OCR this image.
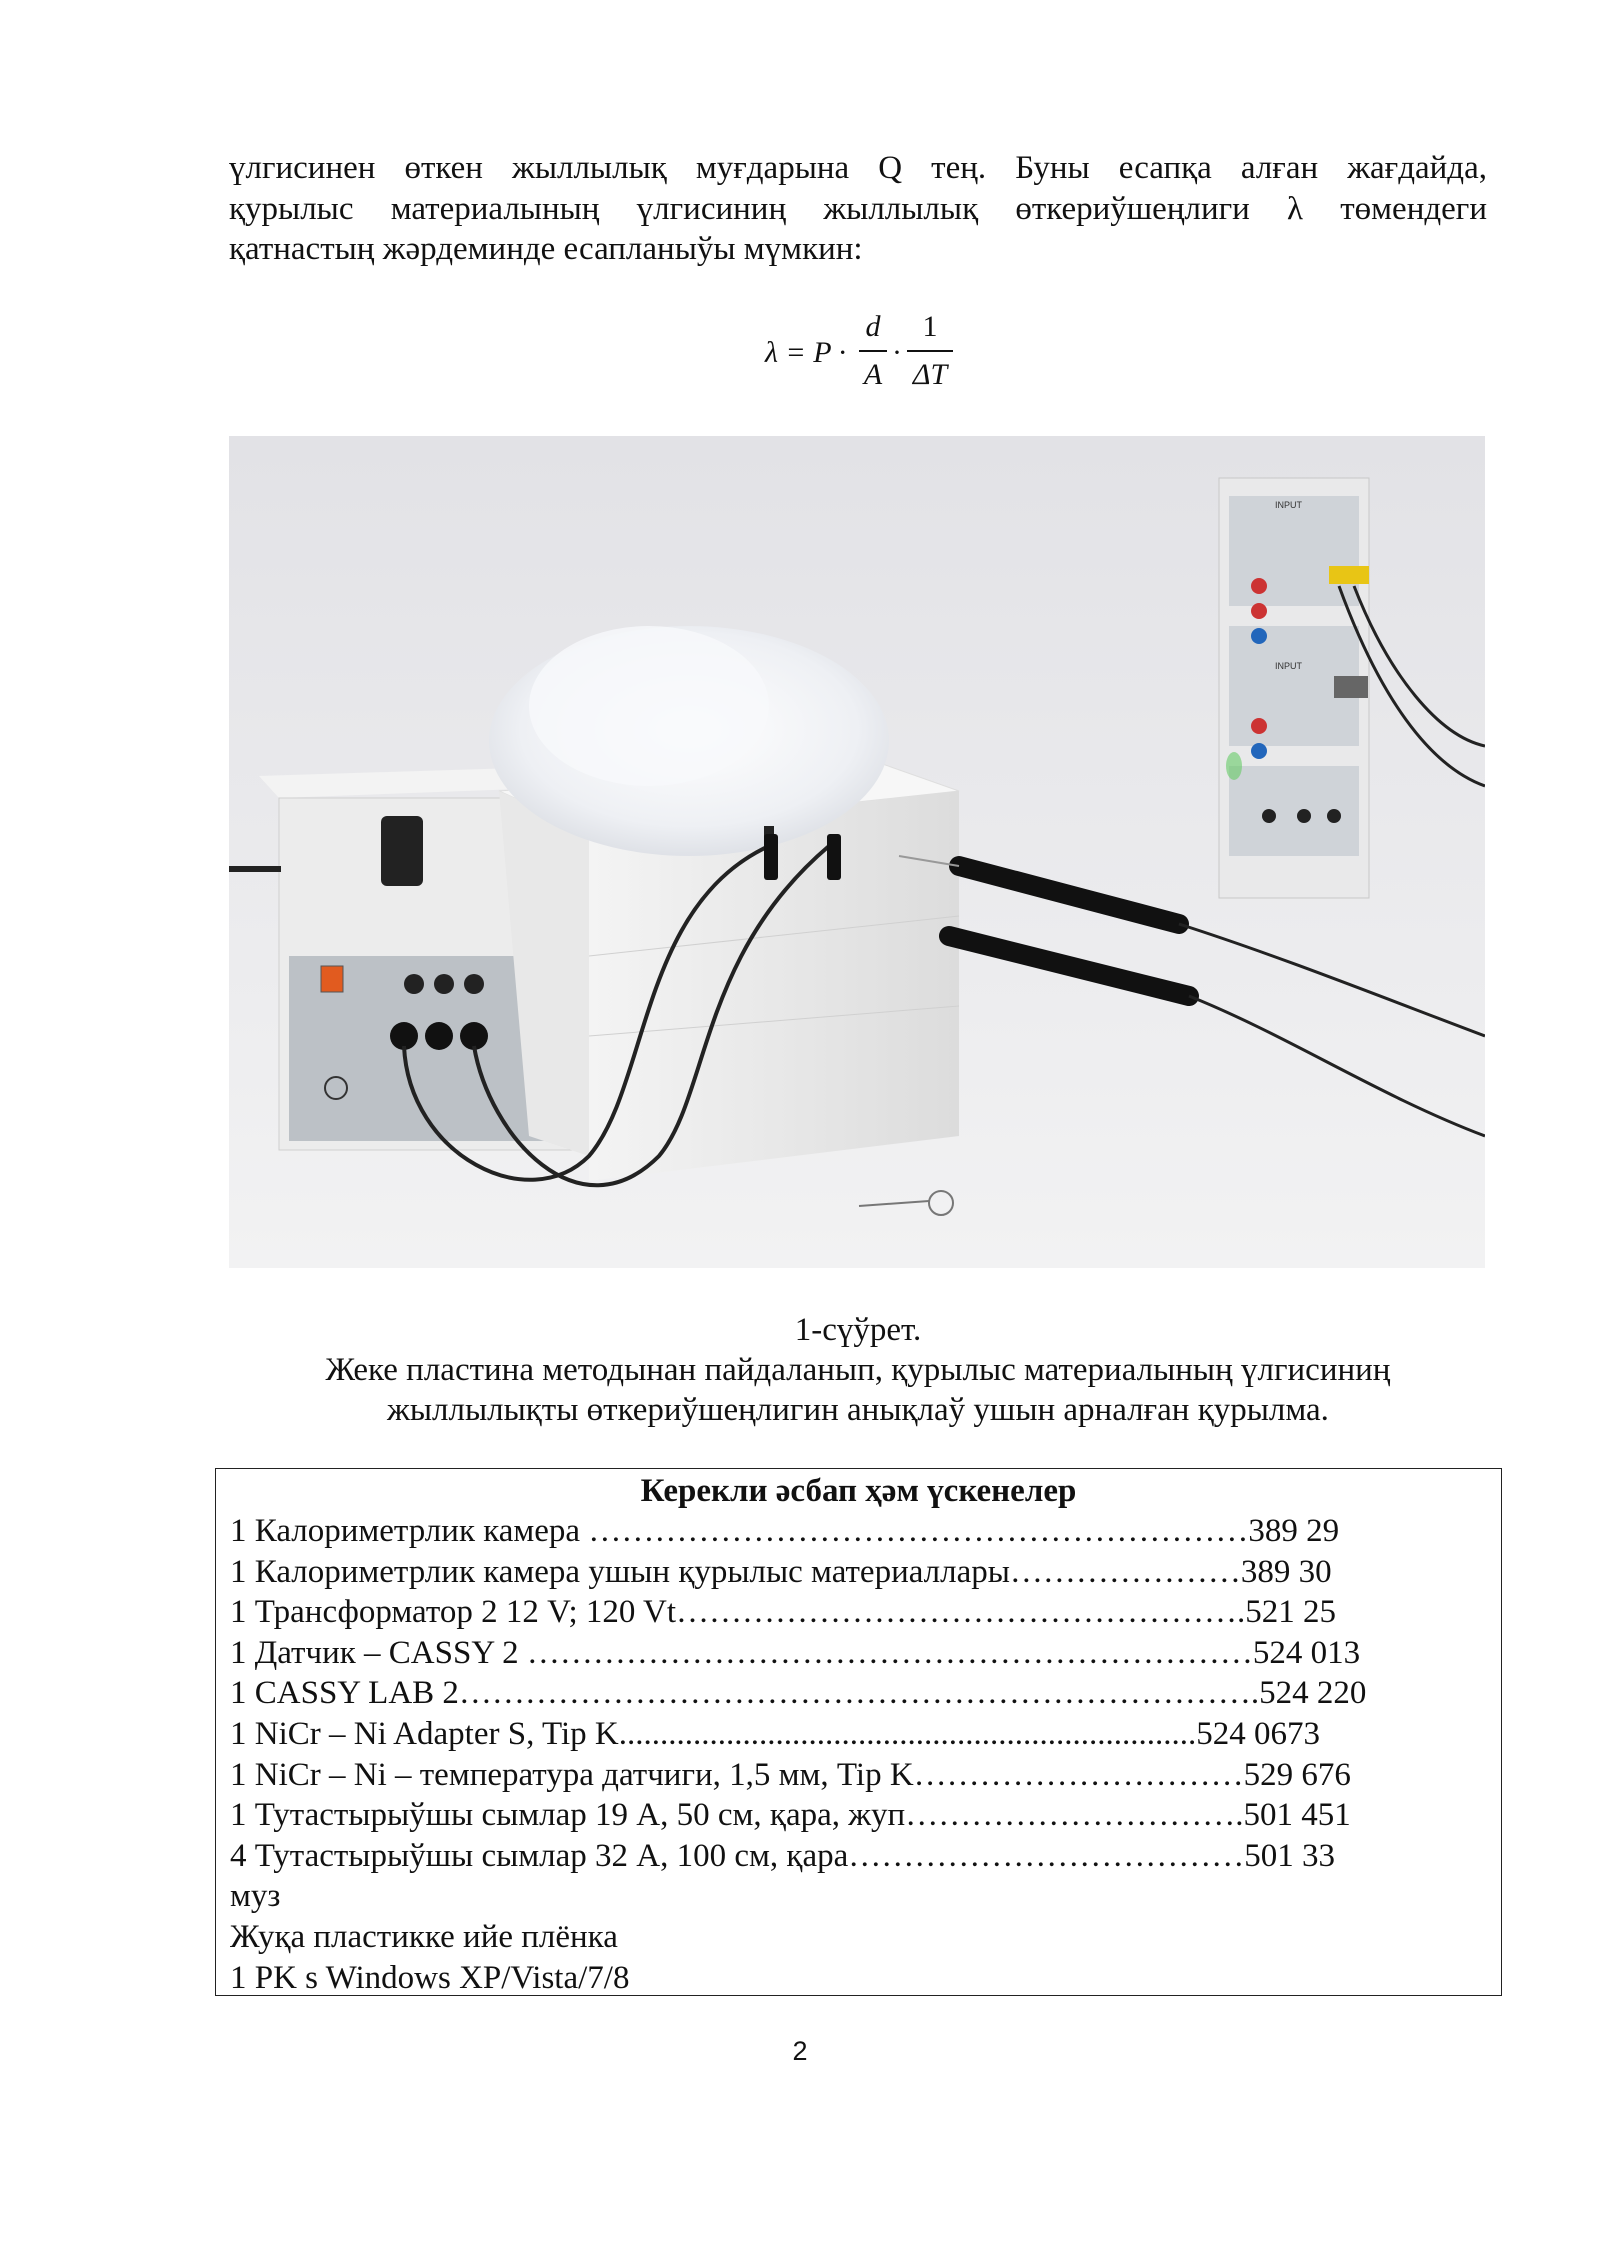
үлгисинен өткен жыллылық муғдарына Q тең. Буны есапқа алған жағдайда,
қурылыс материалының үлгисиниң жыллылық өткериўшеңлиги λ төмендеги
қатнастың жәрдеминде есапланыўы мүмкин:
λ = P ·
d
A
·
1
ΔT
INPUT
INPUT
1-сүўрет.
Жеке пластина методынан пайдаланып, қурылыс материалының үлгисиниң
жыллылықты өткериўшеңлигин анықлаў ушын арналған қурылма.
Керекли әсбап ҳәм үскенелер
1 Калориметрлик камера ……………………………………………………389 29
1 Калориметрлик камера ушын қурылыс материаллары…………………389 30
1 Трансформатор 2 12 V; 120 Vt…………………………………………….521 25
1 Датчик – CASSY 2 …………………………………………………………524 013
1 CASSY LAB 2……………………………………………………………….524 220
1 NiCr – Ni Adapter S, Tip K......................................................................524 0673
1 NiCr – Ni – температура датчиги, 1,5 мм, Tip K…………………………529 676
1 Тутастырыўшы сымлар 19 A, 50 см, қара, жуп………………………….501 451
4 Тутастырыўшы сымлар 32 A, 100 см, қара………………………………501 33
муз
Жуқа пластикке ийе плёнка
1 PK s Windows XP/Vista/7/8
2
